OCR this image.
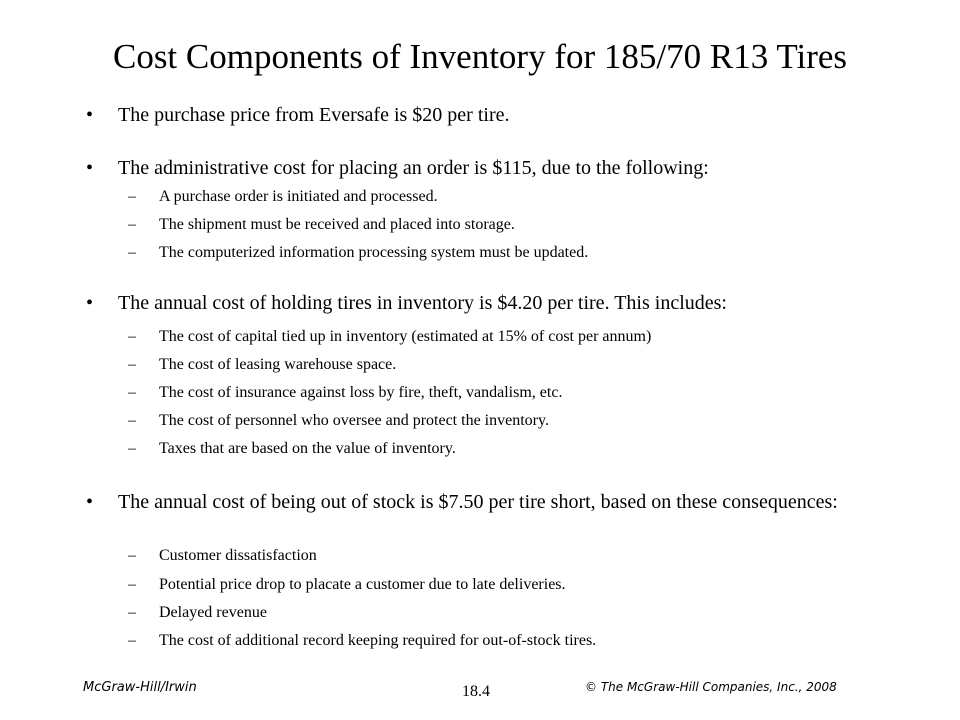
Cost Components of Inventory for 185/70 R13 Tires
• The purchase price from Eversafe is $20 per tire.
• The administrative cost for placing an order is $115, due to the following:
– A purchase order is initiated and processed.
– The shipment must be received and placed into storage.
– The computerized information processing system must be updated.
• The annual cost of holding tires in inventory is $4.20 per tire. This includes:
– The cost of capital tied up in inventory (estimated at 15% of cost per annum)
– The cost of leasing warehouse space.
– The cost of insurance against loss by fire, theft, vandalism, etc.
– The cost of personnel who oversee and protect the inventory.
– Taxes that are based on the value of inventory.
• The annual cost of being out of stock is $7.50 per tire short, based on these consequences:
– Customer dissatisfaction
– Potential price drop to placate a customer due to late deliveries.
– Delayed revenue
– The cost of additional record keeping required for out-of-stock tires.
McGraw-Hill/Irwin	18.4	© The McGraw-Hill Companies, Inc., 2008
